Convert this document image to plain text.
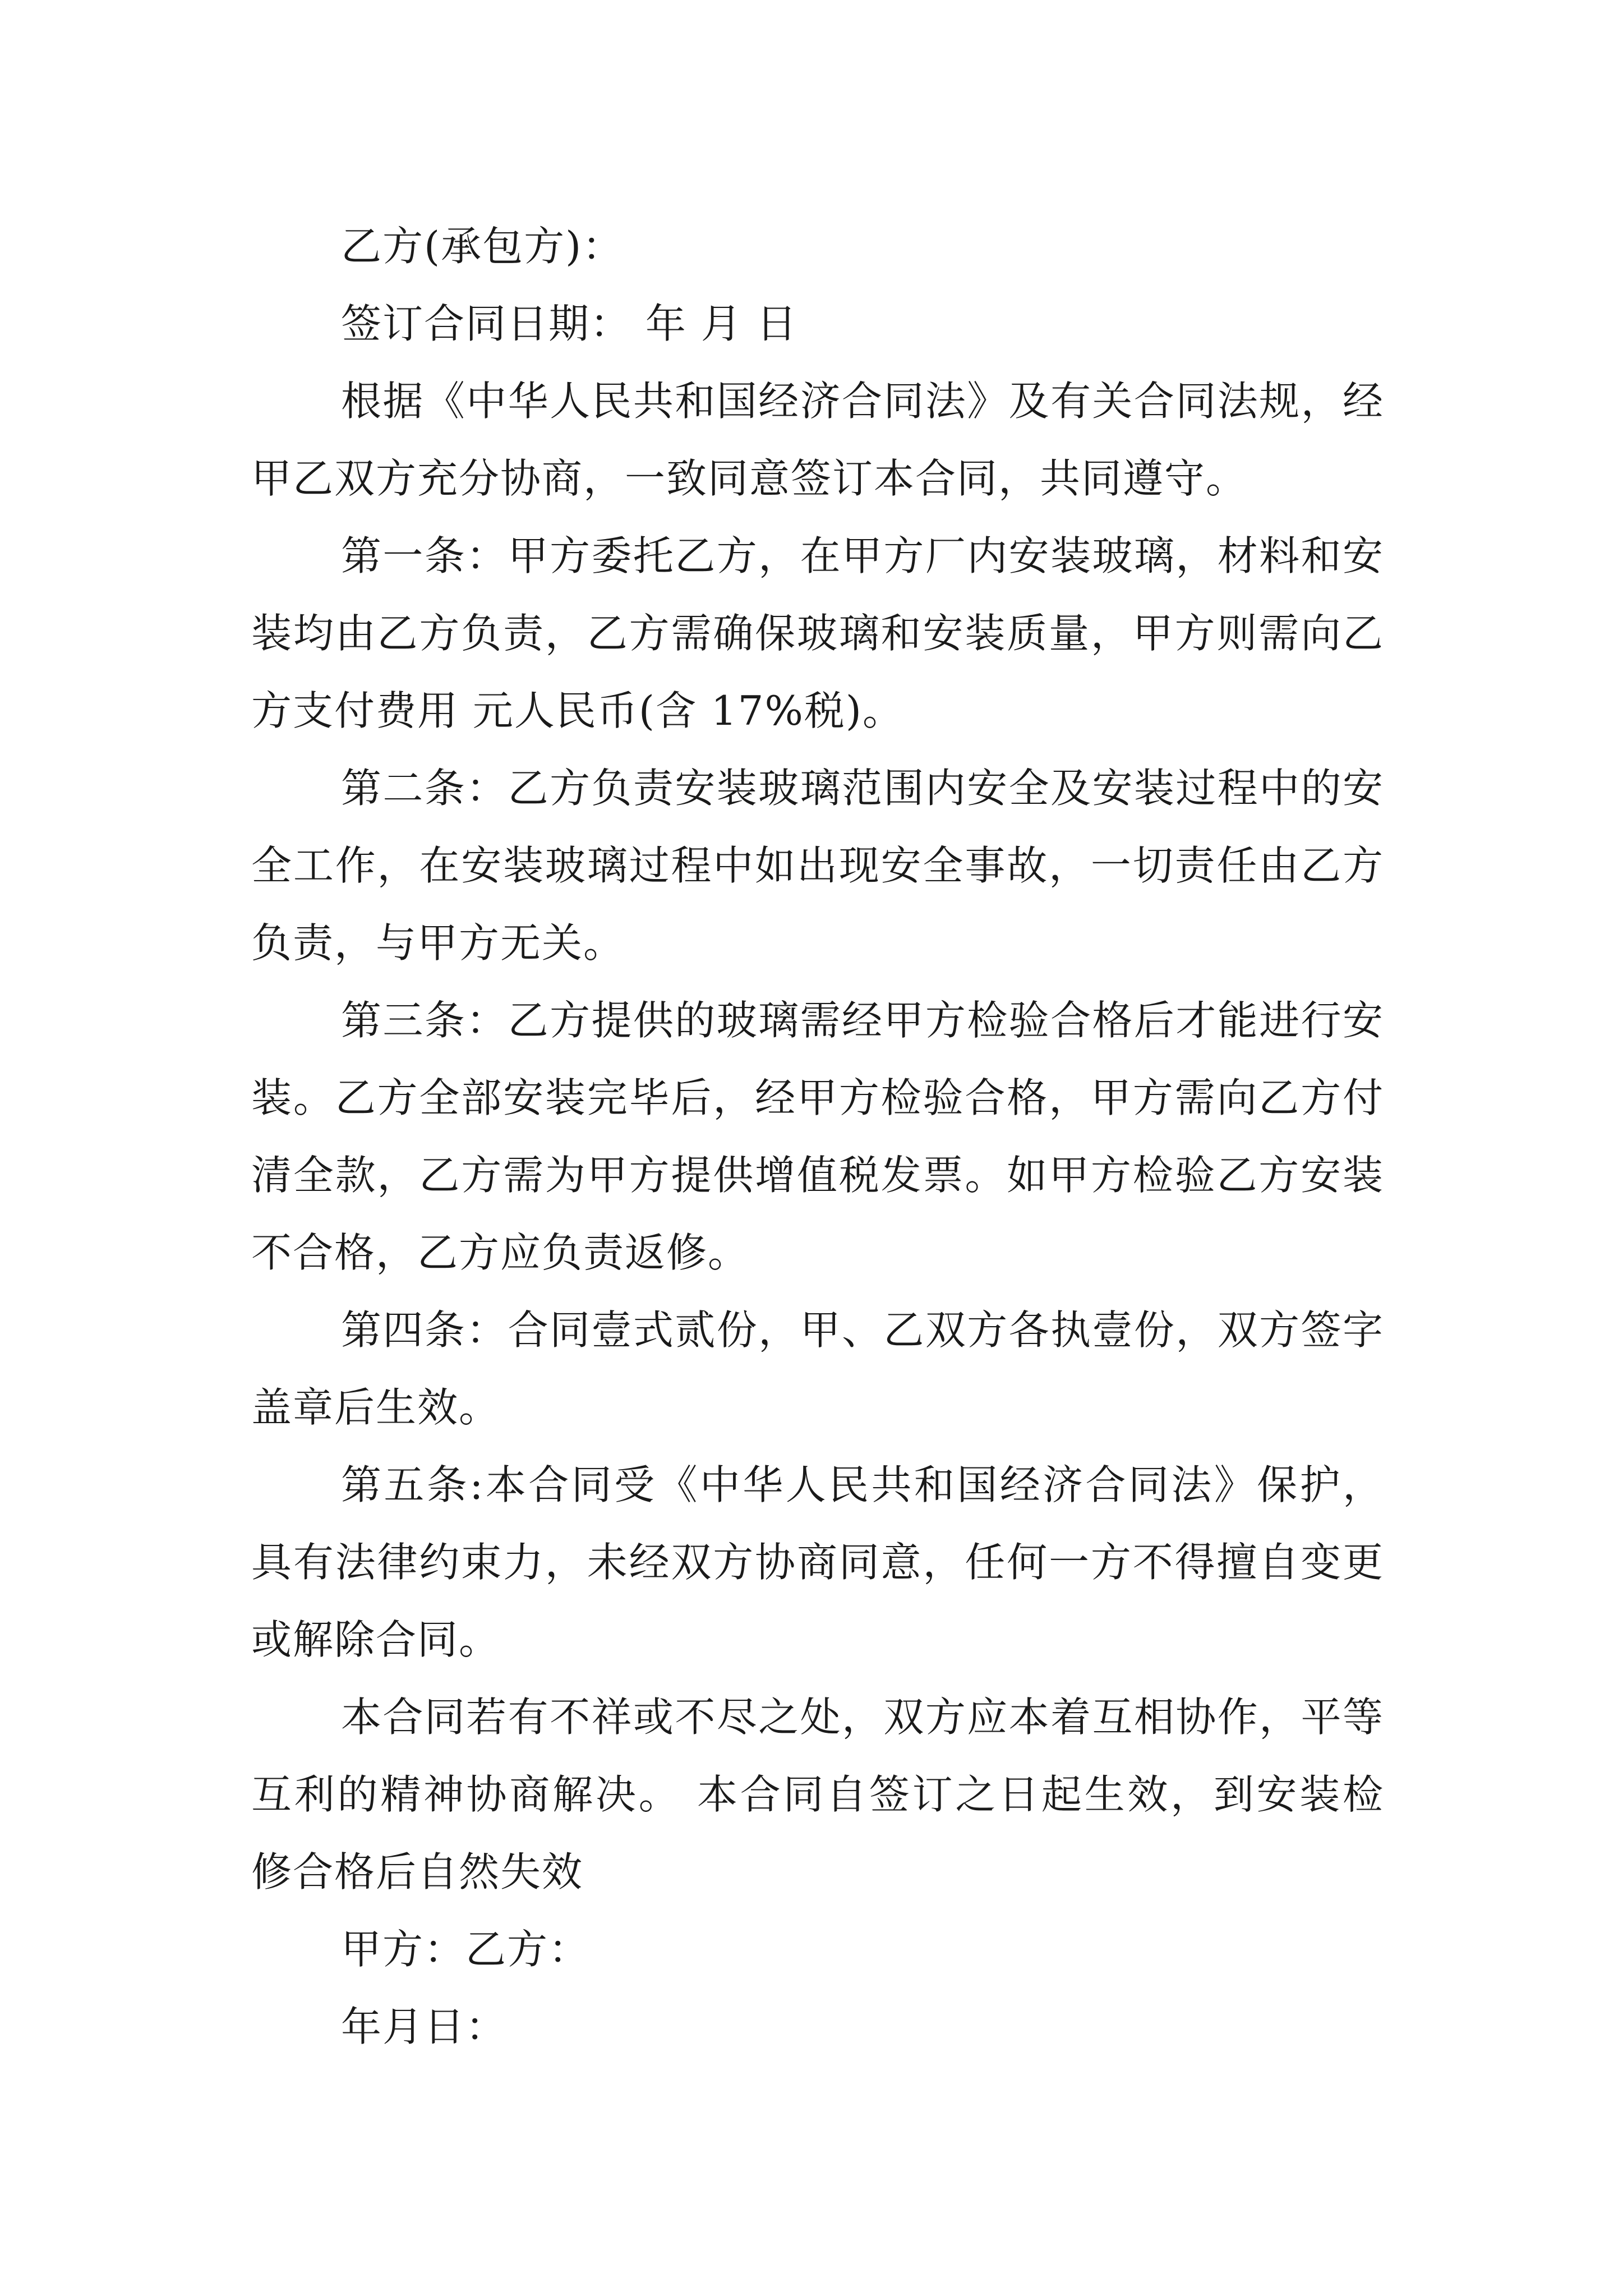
乙方(承包方)：

签订合同日期： 年 月 日

根据《中华人民共和国经济合同法》及有关合同法规，经甲乙双方充分协商，一致同意签订本合同，共同遵守。

第一条：甲方委托乙方，在甲方厂内安装玻璃，材料和安装均由乙方负责，乙方需确保玻璃和安装质量，甲方则需向乙方支付费用 元人民币(含 17%税)。

第二条：乙方负责安装玻璃范围内安全及安装过程中的安全工作，在安装玻璃过程中如出现安全事故，一切责任由乙方负责，与甲方无关。

第三条：乙方提供的玻璃需经甲方检验合格后才能进行安装。乙方全部安装完毕后，经甲方检验合格，甲方需向乙方付清全款，乙方需为甲方提供增值税发票。如甲方检验乙方安装不合格，乙方应负责返修。

第四条：合同壹式贰份，甲、乙双方各执壹份，双方签字盖章后生效。

第五条:本合同受《中华人民共和国经济合同法》保护，具有法律约束力，未经双方协商同意，任何一方不得擅自变更或解除合同。

本合同若有不祥或不尽之处，双方应本着互相协作，平等互利的精神协商解决。 本合同自签订之日起生效，到安装检修合格后自然失效

甲方：乙方：

年月日：
